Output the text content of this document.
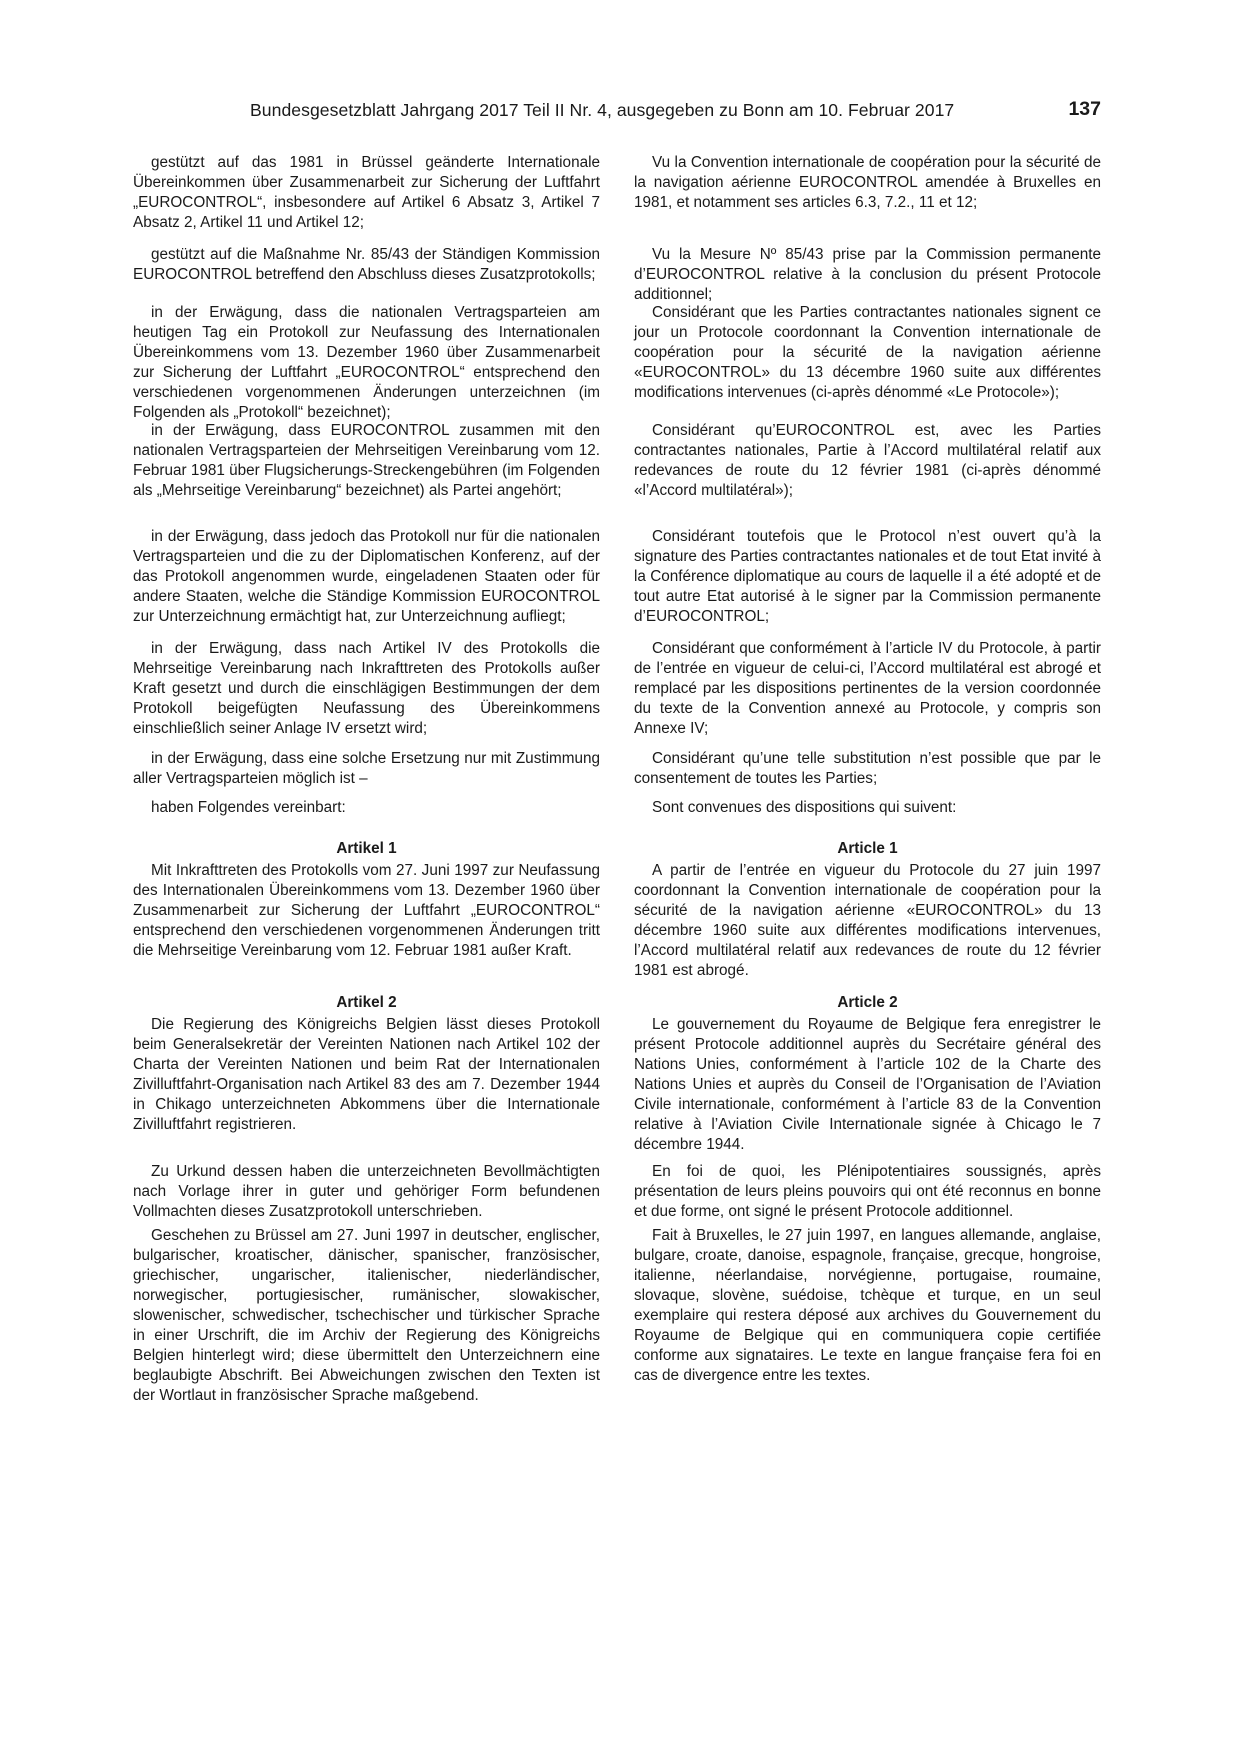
Bundesgesetzblatt Jahrgang 2017 Teil II Nr. 4, ausgegeben zu Bonn am 10. Februar 2017	137

gestützt auf das 1981 in Brüssel geänderte Internationale Übereinkommen über Zusammenarbeit zur Sicherung der Luftfahrt „EUROCONTROL“, insbesondere auf Artikel 6 Absatz 3, Artikel 7 Absatz 2, Artikel 11 und Artikel 12;

gestützt auf die Maßnahme Nr. 85/43 der Ständigen Kommission EUROCONTROL betreffend den Abschluss dieses Zusatzprotokolls;

in der Erwägung, dass die nationalen Vertragsparteien am heutigen Tag ein Protokoll zur Neufassung des Internationalen Übereinkommens vom 13. Dezember 1960 über Zusammenarbeit zur Sicherung der Luftfahrt „EUROCONTROL“ entsprechend den verschiedenen vorgenommenen Änderungen unterzeichnen (im Folgenden als „Protokoll“ bezeichnet);

in der Erwägung, dass EUROCONTROL zusammen mit den nationalen Vertragsparteien der Mehrseitigen Vereinbarung vom 12. Februar 1981 über Flugsicherungs-Streckengebühren (im Folgenden als „Mehrseitige Vereinbarung“ bezeichnet) als Partei angehört;

in der Erwägung, dass jedoch das Protokoll nur für die nationalen Vertragsparteien und die zu der Diplomatischen Konferenz, auf der das Protokoll angenommen wurde, eingeladenen Staaten oder für andere Staaten, welche die Ständige Kommission EUROCONTROL zur Unterzeichnung ermächtigt hat, zur Unterzeichnung aufliegt;

in der Erwägung, dass nach Artikel IV des Protokolls die Mehrseitige Vereinbarung nach Inkrafttreten des Protokolls außer Kraft gesetzt und durch die einschlägigen Bestimmungen der dem Protokoll beigefügten Neufassung des Übereinkommens einschließlich seiner Anlage IV ersetzt wird;

in der Erwägung, dass eine solche Ersetzung nur mit Zustimmung aller Vertragsparteien möglich ist –

haben Folgendes vereinbart:

Artikel 1

Mit Inkrafttreten des Protokolls vom 27. Juni 1997 zur Neufassung des Internationalen Übereinkommens vom 13. Dezember 1960 über Zusammenarbeit zur Sicherung der Luftfahrt „EUROCONTROL“ entsprechend den verschiedenen vorgenommenen Änderungen tritt die Mehrseitige Vereinbarung vom 12. Februar 1981 außer Kraft.

Artikel 2

Die Regierung des Königreichs Belgien lässt dieses Protokoll beim Generalsekretär der Vereinten Nationen nach Artikel 102 der Charta der Vereinten Nationen und beim Rat der Internationalen Zivilluftfahrt-Organisation nach Artikel 83 des am 7. Dezember 1944 in Chikago unterzeichneten Abkommens über die Internationale Zivilluftfahrt registrieren.

Zu Urkund dessen haben die unterzeichneten Bevollmächtigten nach Vorlage ihrer in guter und gehöriger Form befundenen Vollmachten dieses Zusatzprotokoll unterschrieben.

Geschehen zu Brüssel am 27. Juni 1997 in deutscher, englischer, bulgarischer, kroatischer, dänischer, spanischer, französischer, griechischer, ungarischer, italienischer, niederländischer, norwegischer, portugiesischer, rumänischer, slowakischer, slowenischer, schwedischer, tschechischer und türkischer Sprache in einer Urschrift, die im Archiv der Regierung des Königreichs Belgien hinterlegt wird; diese übermittelt den Unterzeichnern eine beglaubigte Abschrift. Bei Abweichungen zwischen den Texten ist der Wortlaut in französischer Sprache maßgebend.

Vu la Convention internationale de coopération pour la sécurité de la navigation aérienne EUROCONTROL amendée à Bruxelles en 1981, et notamment ses articles 6.3, 7.2., 11 et 12;

Vu la Mesure Nº 85/43 prise par la Commission permanente d’EUROCONTROL relative à la conclusion du présent Protocole additionnel;

Considérant que les Parties contractantes nationales signent ce jour un Protocole coordonnant la Convention internationale de coopération pour la sécurité de la navigation aérienne «EUROCONTROL» du 13 décembre 1960 suite aux différentes modifications intervenues (ci-après dénommé «Le Protocole»);

Considérant qu’EUROCONTROL est, avec les Parties contractantes nationales, Partie à l’Accord multilatéral relatif aux redevances de route du 12 février 1981 (ci-après dénommé «l’Accord multilatéral»);

Considérant toutefois que le Protocol n’est ouvert qu’à la signature des Parties contractantes nationales et de tout Etat invité à la Conférence diplomatique au cours de laquelle il a été adopté et de tout autre Etat autorisé à le signer par la Commission permanente d’EUROCONTROL;

Considérant que conformément à l’article IV du Protocole, à partir de l’entrée en vigueur de celui-ci, l’Accord multilatéral est abrogé et remplacé par les dispositions pertinentes de la version coordonnée du texte de la Convention annexé au Protocole, y compris son Annexe IV;

Considérant qu’une telle substitution n’est possible que par le consentement de toutes les Parties;

Sont convenues des dispositions qui suivent:

Article 1

A partir de l’entrée en vigueur du Protocole du 27 juin 1997 coordonnant la Convention internationale de coopération pour la sécurité de la navigation aérienne «EUROCONTROL» du 13 décembre 1960 suite aux différentes modifications intervenues, l’Accord multilatéral relatif aux redevances de route du 12 février 1981 est abrogé.

Article 2

Le gouvernement du Royaume de Belgique fera enregistrer le présent Protocole additionnel auprès du Secrétaire général des Nations Unies, conformément à l’article 102 de la Charte des Nations Unies et auprès du Conseil de l’Organisation de l’Aviation Civile internationale, conformément à l’article 83 de la Convention relative à l’Aviation Civile Internationale signée à Chicago le 7 décembre 1944.

En foi de quoi, les Plénipotentiaires soussignés, après présentation de leurs pleins pouvoirs qui ont été reconnus en bonne et due forme, ont signé le présent Protocole additionnel.

Fait à Bruxelles, le 27 juin 1997, en langues allemande, anglaise, bulgare, croate, danoise, espagnole, française, grecque, hongroise, italienne, néerlandaise, norvégienne, portugaise, roumaine, slovaque, slovène, suédoise, tchèque et turque, en un seul exemplaire qui restera déposé aux archives du Gouvernement du Royaume de Belgique qui en communiquera copie certifiée conforme aux signataires. Le texte en langue française fera foi en cas de divergence entre les textes.
